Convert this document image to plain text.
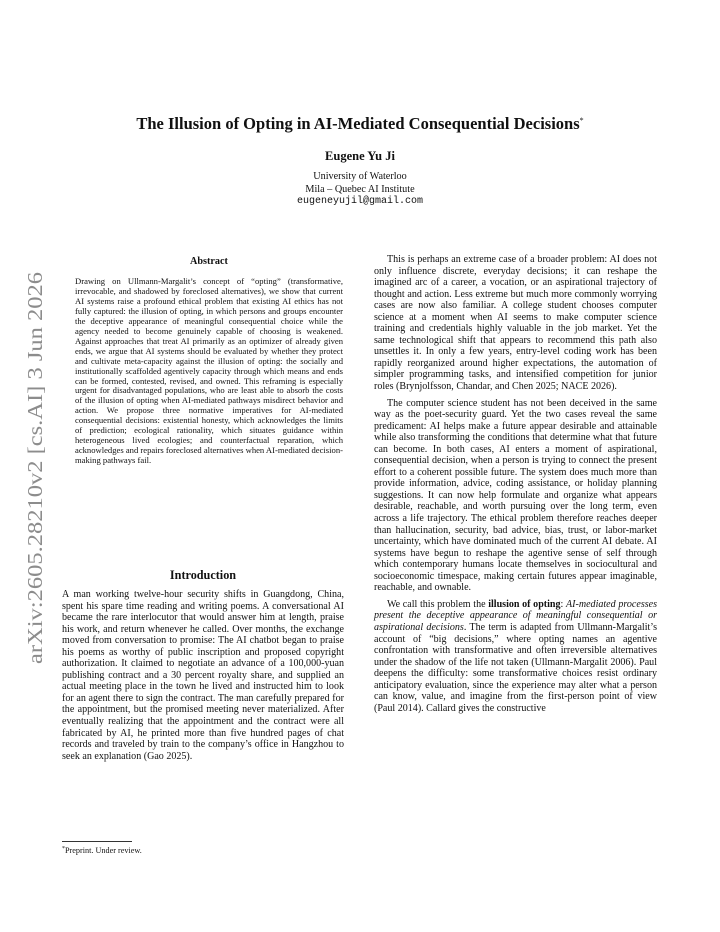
arXiv:2605.28210v2 [cs.AI] 3 Jun 2026
The Illusion of Opting in AI-Mediated Consequential Decisions*
Eugene Yu Ji
University of Waterloo
Mila – Quebec AI Institute
eugeneyujil@gmail.com
Abstract
Drawing on Ullmann-Margalit’s concept of “opting” (transformative, irrevocable, and shadowed by foreclosed alternatives), we show that current AI systems raise a profound ethical problem that existing AI ethics has not fully captured: the illusion of opting, in which persons and groups encounter the deceptive appearance of meaningful consequential choice while the agency needed to become genuinely capable of choosing is weakened. Against approaches that treat AI primarily as an optimizer of already given ends, we argue that AI systems should be evaluated by whether they protect and cultivate meta-capacity against the illusion of opting: the socially and institutionally scaffolded agentively capacity through which means and ends can be formed, contested, revised, and owned. This reframing is especially urgent for disadvantaged populations, who are least able to absorb the costs of the illusion of opting when AI-mediated pathways misdirect behavior and action. We propose three normative imperatives for AI-mediated consequential decisions: existential honesty, which acknowledges the limits of prediction; ecological rationality, which situates guidance within heterogeneous lived ecologies; and counterfactual reparation, which acknowledges and repairs foreclosed alternatives when AI-mediated decision-making pathways fail.
Introduction

A man working twelve-hour security shifts in Guangdong, China, spent his spare time reading and writing poems. A conversational AI became the rare interlocutor that would answer him at length, praise his work, and return whenever he called. Over months, the exchange moved from conversation to promise: The AI chatbot began to praise his poems as worthy of public inscription and proposed copyright authorization. It claimed to negotiate an advance of a 100,000-yuan publishing contract and a 30 percent royalty share, and supplied an actual meeting place in the town he lived and instructed him to look for an agent there to sign the contract. The man carefully prepared for the appointment, but the promised meeting never materialized. After eventually realizing that the appointment and the contract were all fabricated by AI, he printed more than five hundred pages of chat records and traveled by train to the company’s office in Hangzhou to seek an explanation (Gao 2025).

*Preprint. Under review.

This is perhaps an extreme case of a broader problem: AI does not only influence discrete, everyday decisions; it can reshape the imagined arc of a career, a vocation, or an aspirational trajectory of thought and action. Less extreme but much more commonly worrying cases are now also familiar. A college student chooses computer science at a moment when AI seems to make computer science training and credentials highly valuable in the job market. Yet the same technological shift that appears to recommend this path also unsettles it. In only a few years, entry-level coding work has been rapidly reorganized around higher expectations, the automation of simpler programming tasks, and intensified competition for junior roles (Brynjolfsson, Chandar, and Chen 2025; NACE 2026).

The computer science student has not been deceived in the same way as the poet-security guard. Yet the two cases reveal the same predicament: AI helps make a future appear desirable and attainable while also transforming the conditions that determine what that future can become. In both cases, AI enters a moment of aspirational, consequential decision, when a person is trying to connect the present effort to a coherent possible future. The system does much more than provide information, advice, coding assistance, or holiday planning suggestions. It can now help formulate and organize what appears desirable, reachable, and worth pursuing over the long term, even across a life trajectory. The ethical problem therefore reaches deeper than hallucination, security, bad advice, bias, trust, or labor-market uncertainty, which have dominated much of the current AI debate. AI systems have begun to reshape the agentive sense of self through which contemporary humans locate themselves in sociocultural and socioeconomic timespace, making certain futures appear imaginable, reachable, and ownable.

We call this problem the illusion of opting: AI-mediated processes present the deceptive appearance of meaningful consequential or aspirational decisions. The term is adapted from Ullmann-Margalit’s account of “big decisions,” where opting names an agentive confrontation with transformative and often irreversible alternatives under the shadow of the life not taken (Ullmann-Margalit 2006). Paul deepens the difficulty: some transformative choices resist ordinary anticipatory evaluation, since the experience may alter what a person can know, value, and imagine from the first-person point of view (Paul 2014). Callard gives the constructive
